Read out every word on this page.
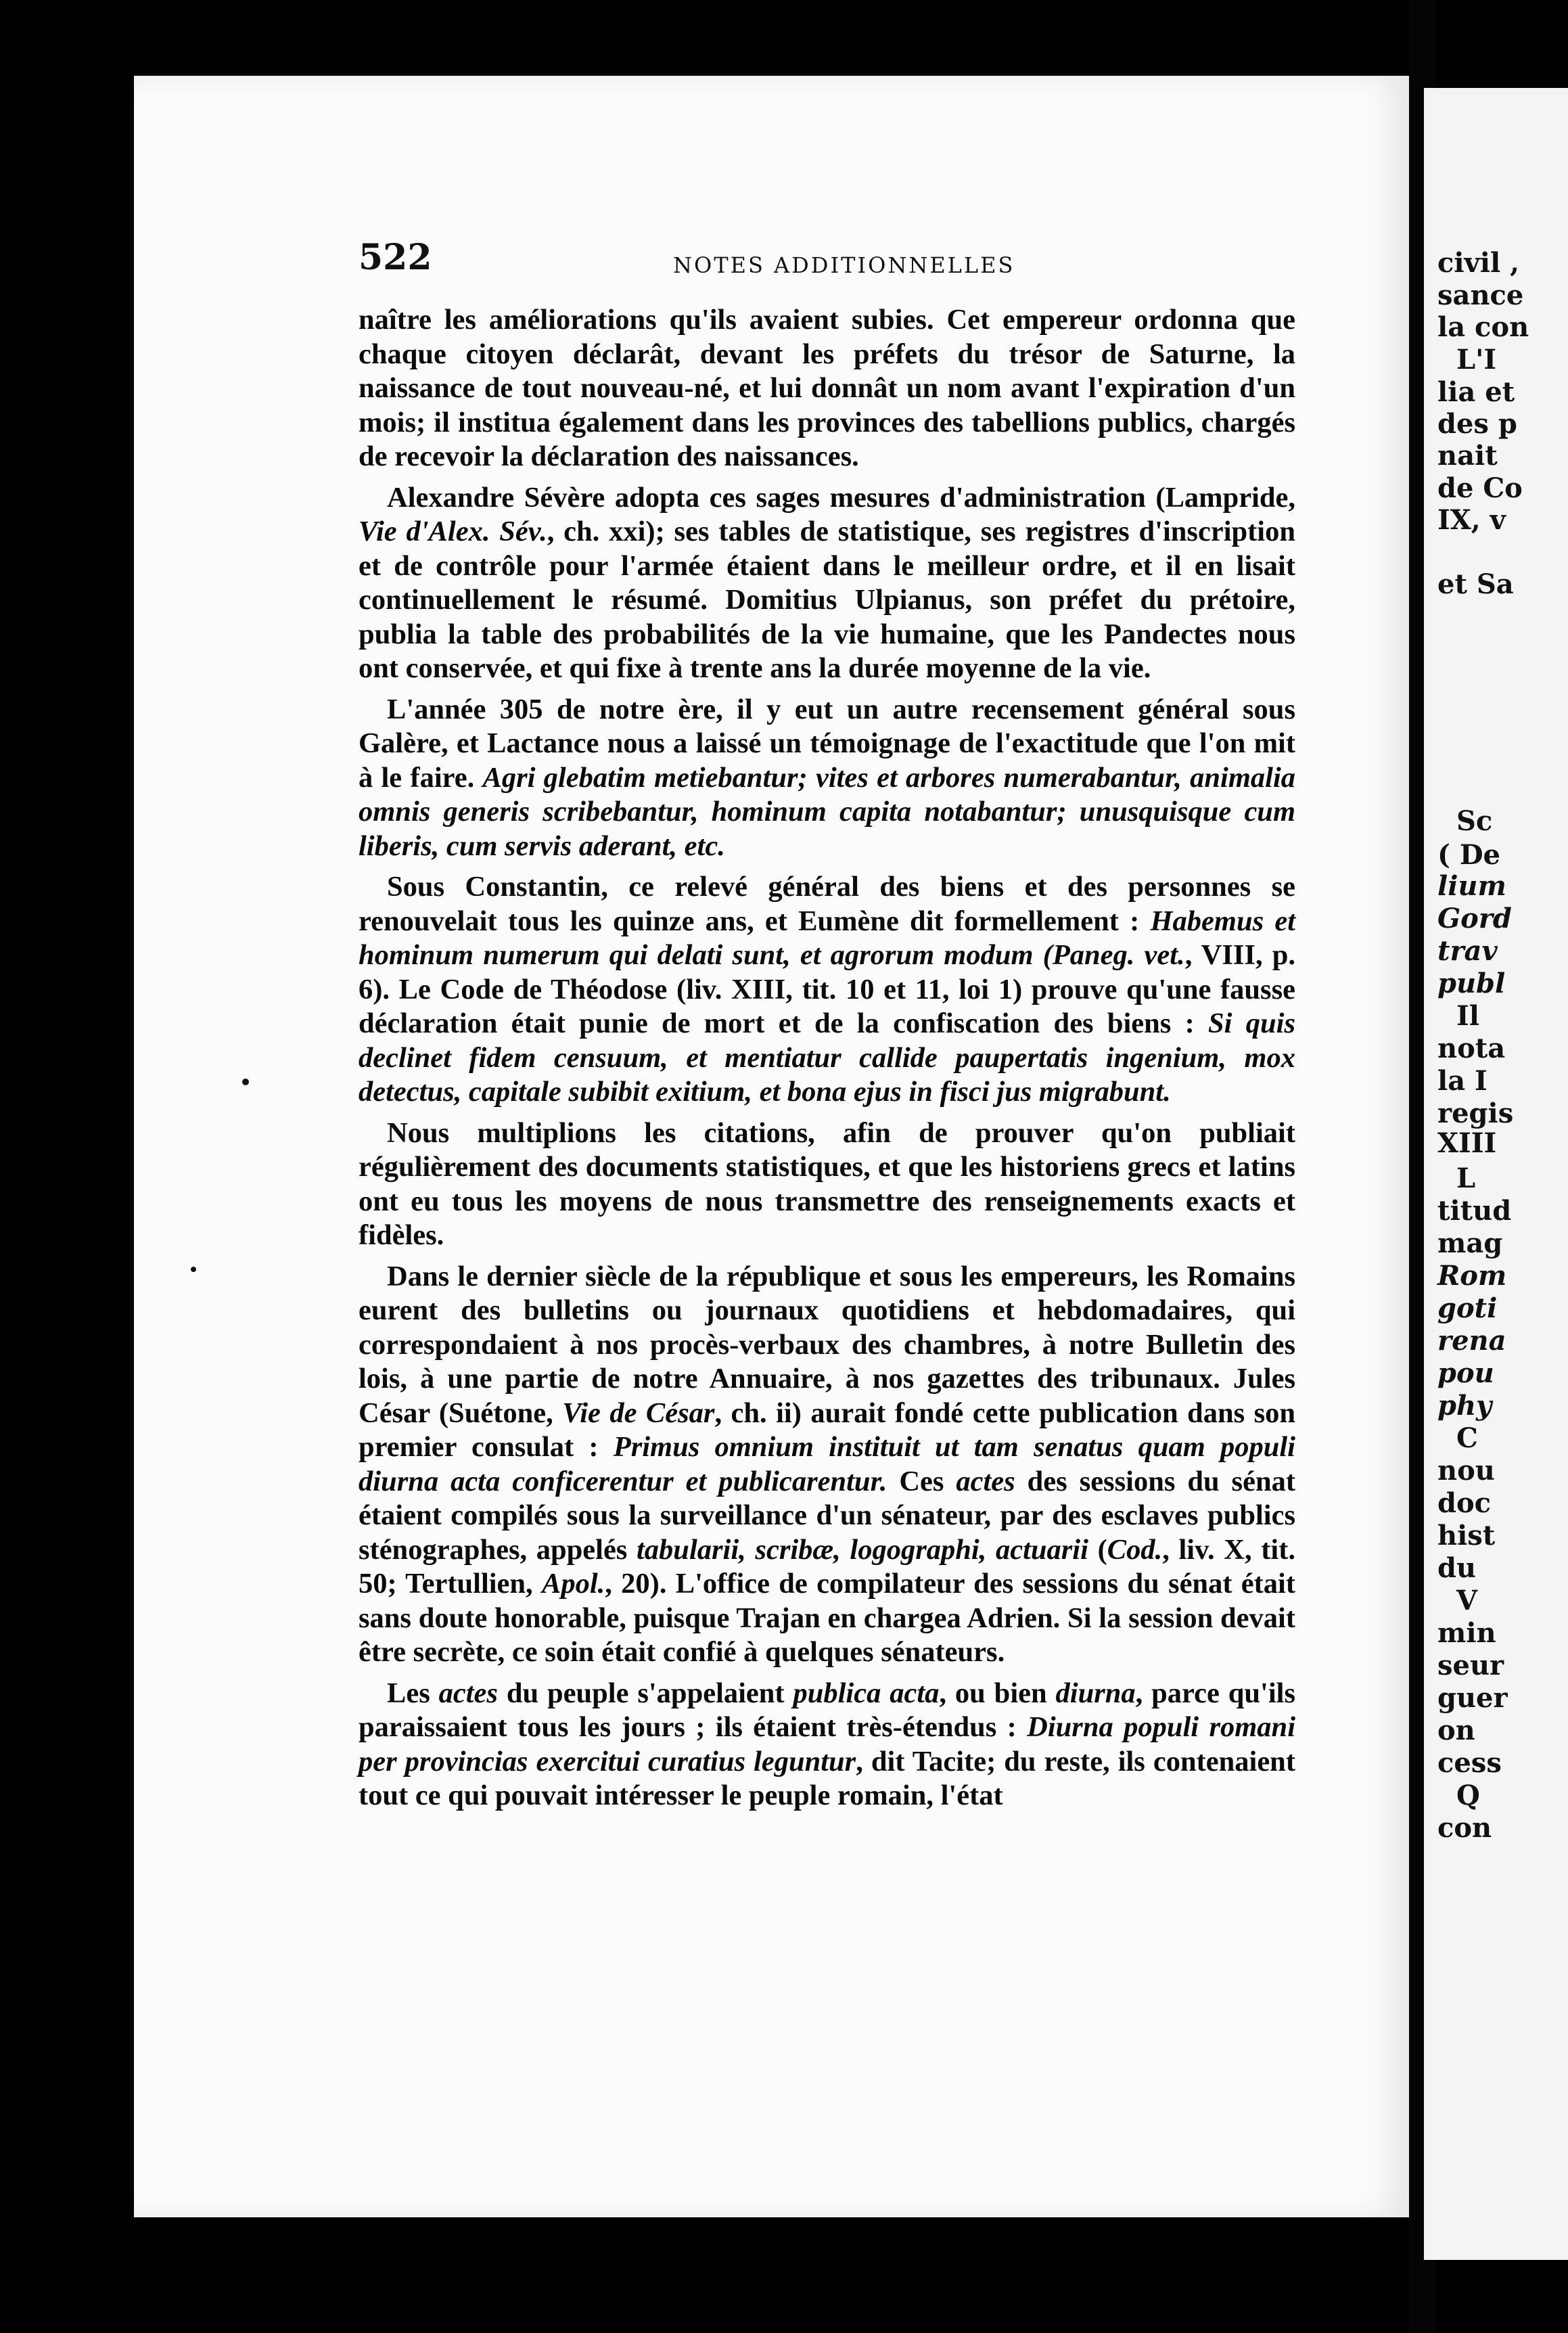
522	NOTES ADDITIONNELLES

naître les améliorations qu'ils avaient subies. Cet empereur ordonna que chaque citoyen déclarât, devant les préfets du trésor de Saturne, la naissance de tout nouveau-né, et lui donnât un nom avant l'expiration d'un mois; il institua également dans les provinces des tabellions publics, chargés de recevoir la déclaration des naissances.

Alexandre Sévère adopta ces sages mesures d'administration (Lampride, Vie d'Alex. Sév., ch. xxi); ses tables de statistique, ses registres d'inscription et de contrôle pour l'armée étaient dans le meilleur ordre, et il en lisait continuellement le résumé. Domitius Ulpianus, son préfet du prétoire, publia la table des probabilités de la vie humaine, que les Pandectes nous ont conservée, et qui fixe à trente ans la durée moyenne de la vie.

L'année 305 de notre ère, il y eut un autre recensement général sous Galère, et Lactance nous a laissé un témoignage de l'exactitude que l'on mit à le faire. Agri glebatim metiebantur; vites et arbores numerabantur, animalia omnis generis scribebantur, hominum capita notabantur; unusquisque cum liberis, cum servis aderant, etc.

Sous Constantin, ce relevé général des biens et des personnes se renouvelait tous les quinze ans, et Eumène dit formellement : Habemus et hominum numerum qui delati sunt, et agrorum modum (Paneg. vet., VIII, p. 6). Le Code de Théodose (liv. XIII, tit. 10 et 11, loi 1) prouve qu'une fausse déclaration était punie de mort et de la confiscation des biens : Si quis declinet fidem censuum, et mentiatur callide paupertatis ingenium, mox detectus, capitale subibit exitium, et bona ejus in fisci jus migrabunt.

Nous multiplions les citations, afin de prouver qu'on publiait régulièrement des documents statistiques, et que les historiens grecs et latins ont eu tous les moyens de nous transmettre des renseignements exacts et fidèles.

Dans le dernier siècle de la république et sous les empereurs, les Romains eurent des bulletins ou journaux quotidiens et hebdomadaires, qui correspondaient à nos procès-verbaux des chambres, à notre Bulletin des lois, à une partie de notre Annuaire, à nos gazettes des tribunaux. Jules César (Suétone, Vie de César, ch. ii) aurait fondé cette publication dans son premier consulat : Primus omnium instituit ut tam senatus quam populi diurna acta conficerentur et publicarentur. Ces actes des sessions du sénat étaient compilés sous la surveillance d'un sénateur, par des esclaves publics sténographes, appelés tabularii, scribæ, logographi, actuarii (Cod., liv. X, tit. 50; Tertullien, Apol., 20). L'office de compilateur des sessions du sénat était sans doute honorable, puisque Trajan en chargea Adrien. Si la session devait être secrète, ce soin était confié à quelques sénateurs.

Les actes du peuple s'appelaient publica acta, ou bien diurna, parce qu'ils paraissaient tous les jours ; ils étaient très-étendus : Diurna populi romani per provincias exercitui curatius leguntur, dit Tacite; du reste, ils contenaient tout ce qui pouvait intéresser le peuple romain, l'état

civil ,
sance
la con
L'I
lia et
des p
nait
de Co
IX, v
et Sa
Sc
( De
lium
Gord
trav
publ
Il
nota
la I
regis
XIII
L
titud
mag
Rom
goti
rena
pou
phy
C
nou
doc
hist
du
V
min
seur
guer
on
cess
Q
con
